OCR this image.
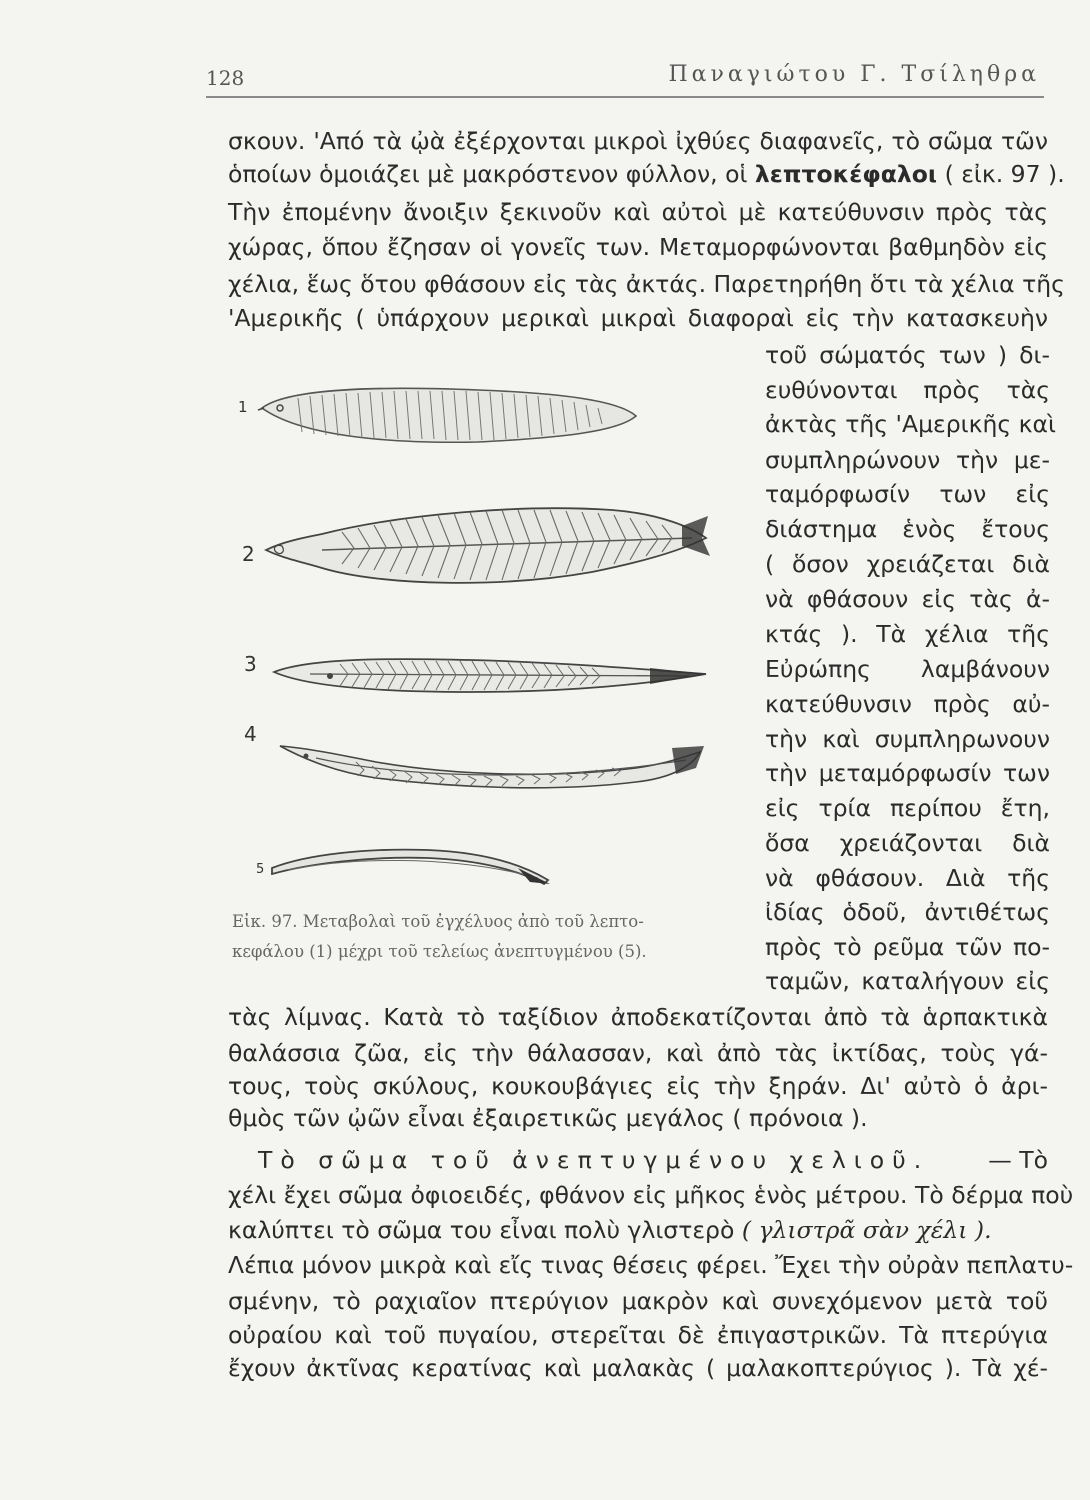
128	Παναγιώτου Γ. Τσίληθρα
σκουν. 'Από τὰ ᾠὰ ἐξέρχονται μικροὶ ἰχθύες διαφανεῖς, τὸ σῶμα τῶν
ὁποίων ὁμοιάζει μὲ μακρόστενον φύλλον, οἱ λεπτοκέφαλοι ( εἰκ. 97 ).
Τὴν ἐπομένην ἄνοιξιν ξεκινοῦν καὶ αὐτοὶ μὲ κατεύθυνσιν πρὸς τὰς
χώρας, ὅπου ἔζησαν οἱ γονεῖς των. Μεταμορφώνονται βαθμηδὸν εἰς
χέλια, ἕως ὅτου φθάσουν εἰς τὰς ἀκτάς. Παρετηρήθη ὅτι τὰ χέλια τῆς
'Αμερικῆς ( ὑπάρχουν μερικαὶ μικραὶ διαφοραὶ εἰς τὴν κατασκευὴν
τοῦ σώματός των ) δι-
ευθύνονται πρὸς τὰς
ἀκτὰς τῆς 'Αμερικῆς καὶ
συμπληρώνουν τὴν με-
ταμόρφωσίν των εἰς
διάστημα ἑνὸς ἔτους
( ὅσον χρειάζεται διὰ
νὰ φθάσουν εἰς τὰς ἀ-
κτάς ). Τὰ χέλια τῆς
Εὐρώπης λαμβάνουν
κατεύθυνσιν πρὸς αὐ-
τὴν καὶ συμπληρωνουν
τὴν μεταμόρφωσίν των
εἰς τρία περίπου ἔτη,
ὅσα χρειάζονται διὰ
νὰ φθάσουν. Διὰ τῆς
ἰδίας ὁδοῦ, ἀντιθέτως
πρὸς τὸ ρεῦμα τῶν πο-
ταμῶν, καταλήγουν εἰς
1
2
3
4
5
Εἰκ. 97. Μεταβολαὶ τοῦ ἐγχέλυος ἀπὸ τοῦ λεπτο-
κεφάλου (1) μέχρι τοῦ τελείως ἀνεπτυγμένου (5).
τὰς λίμνας. Κατὰ τὸ ταξίδιον ἀποδεκατίζονται ἀπὸ τὰ ἁρπακτικὰ
θαλάσσια ζῶα, εἰς τὴν θάλασσαν, καὶ ἀπὸ τὰς ἰκτίδας, τοὺς γά-
τους, τοὺς σκύλους, κουκουβάγιες εἰς τὴν ξηράν. Δι' αὐτὸ ὁ ἀρι-
θμὸς τῶν ᾠῶν εἶναι ἐξαιρετικῶς μεγάλος ( πρόνοια ).
Τὸ σῶμα τοῦ ἀνεπτυγμένου χελιοῦ.	— Τὸ
χέλι ἔχει σῶμα ὀφιοειδές, φθάνον εἰς μῆκος ἑνὸς μέτρου. Τὸ δέρμα ποὺ
καλύπτει τὸ σῶμα του εἶναι πολὺ γλιστερὸ ( γλιστρᾶ σὰν χέλι ).
Λέπια μόνον μικρὰ καὶ εἴς τινας θέσεις φέρει. Ἔχει τὴν οὐρὰν πεπλατυ-
σμένην, τὸ ραχιαῖον πτερύγιον μακρὸν καὶ συνεχόμενον μετὰ τοῦ
οὐραίου καὶ τοῦ πυγαίου, στερεῖται δὲ ἐπιγαστρικῶν. Τὰ πτερύγια
ἔχουν ἀκτῖνας κερατίνας καὶ μαλακὰς ( μαλακοπτερύγιος ). Τὰ χέ-
